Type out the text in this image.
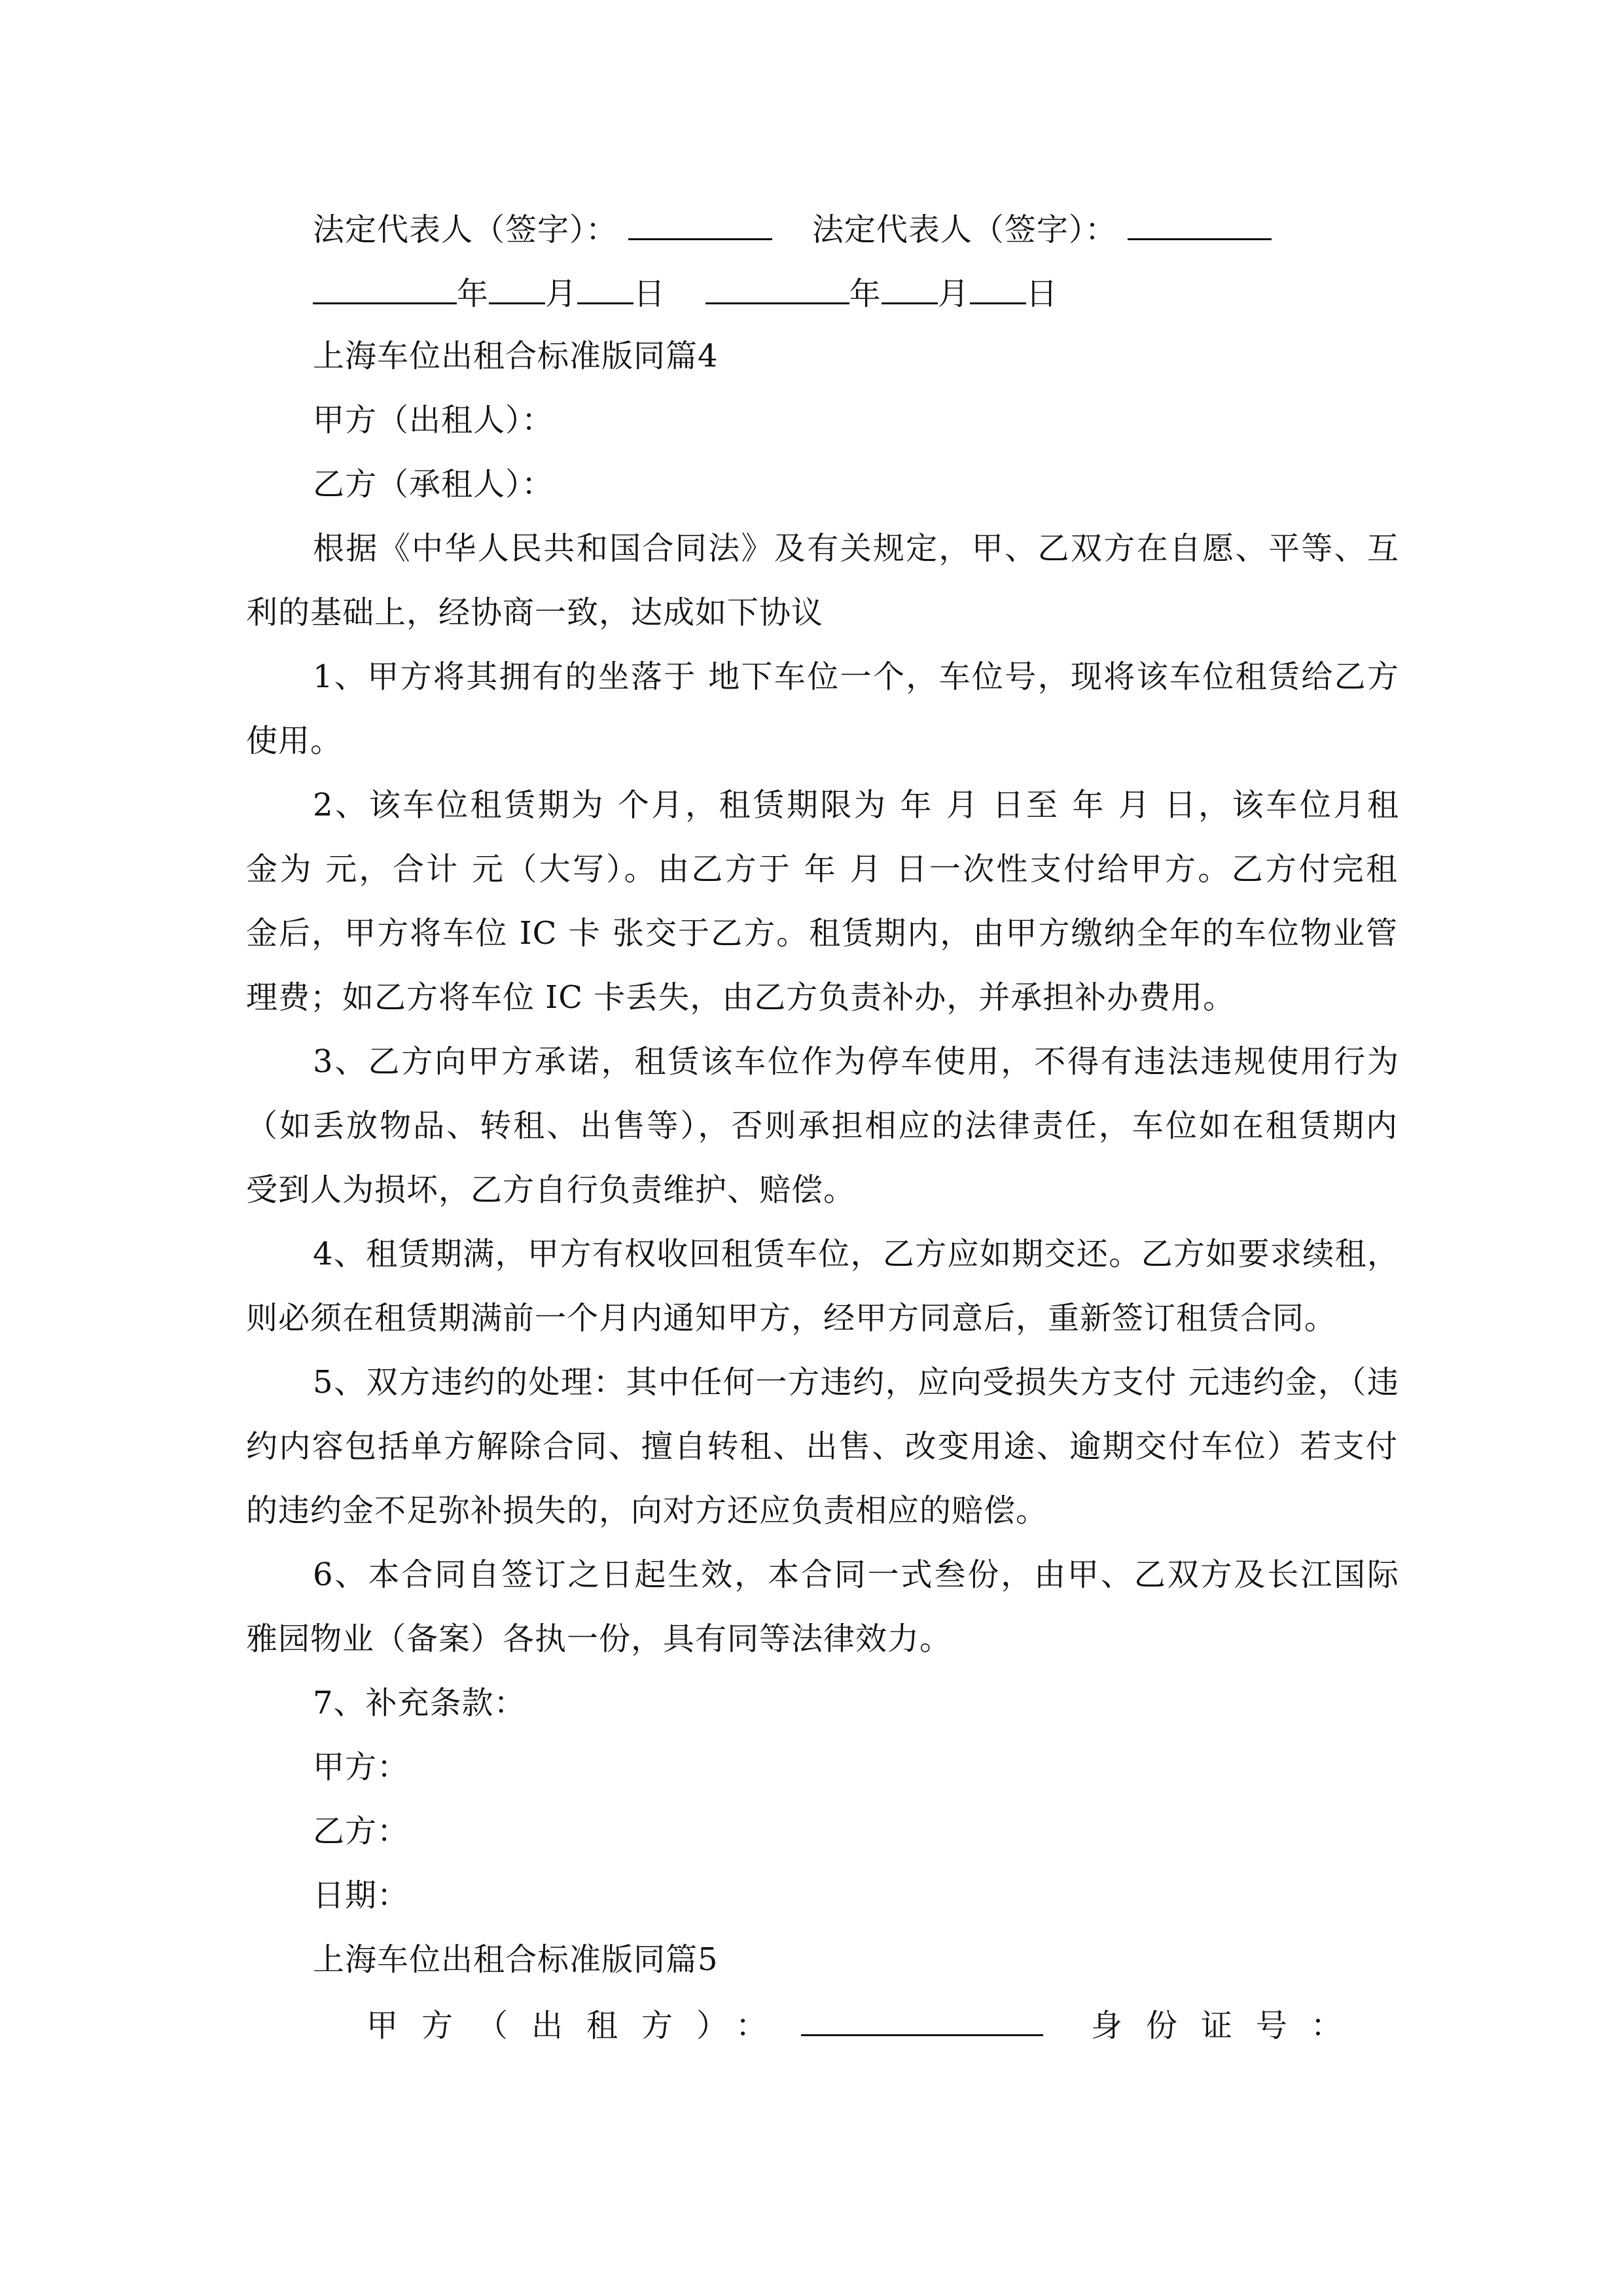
法定代表人（签字）：	法定代表人（签字）：
年 月 日	年 月 日
上海车位出租合标准版同篇4
甲方（出租人）：
乙方（承租人）：
根据《中华人民共和国合同法》及有关规定，甲、乙双方在自愿、平等、互
利的基础上，经协商一致，达成如下协议
1、甲方将其拥有的坐落于 地下车位一个，车位号，现将该车位租赁给乙方
使用。
2、该车位租赁期为 个月，租赁期限为 年 月 日至 年 月 日，该车位月租
金为 元，合计 元（大写）。由乙方于 年 月 日一次性支付给甲方。乙方付完租
金后，甲方将车位 IC 卡 张交于乙方。租赁期内，由甲方缴纳全年的车位物业管
理费；如乙方将车位 IC 卡丢失，由乙方负责补办，并承担补办费用。
3、乙方向甲方承诺，租赁该车位作为停车使用，不得有违法违规使用行为
（如丢放物品、转租、出售等），否则承担相应的法律责任，车位如在租赁期内
受到人为损坏，乙方自行负责维护、赔偿。
4、租赁期满，甲方有权收回租赁车位，乙方应如期交还。乙方如要求续租，
则必须在租赁期满前一个月内通知甲方，经甲方同意后，重新签订租赁合同。
5、双方违约的处理：其中任何一方违约，应向受损失方支付 元违约金，（违
约内容包括单方解除合同、擅自转租、出售、改变用途、逾期交付车位）若支付
的违约金不足弥补损失的，向对方还应负责相应的赔偿。
6、本合同自签订之日起生效，本合同一式叁份，由甲、乙双方及长江国际
雅园物业（备案）各执一份，具有同等法律效力。
7、补充条款：
甲方：
乙方：
日期：
上海车位出租合标准版同篇5
甲方（出租方）：	身份证号：
